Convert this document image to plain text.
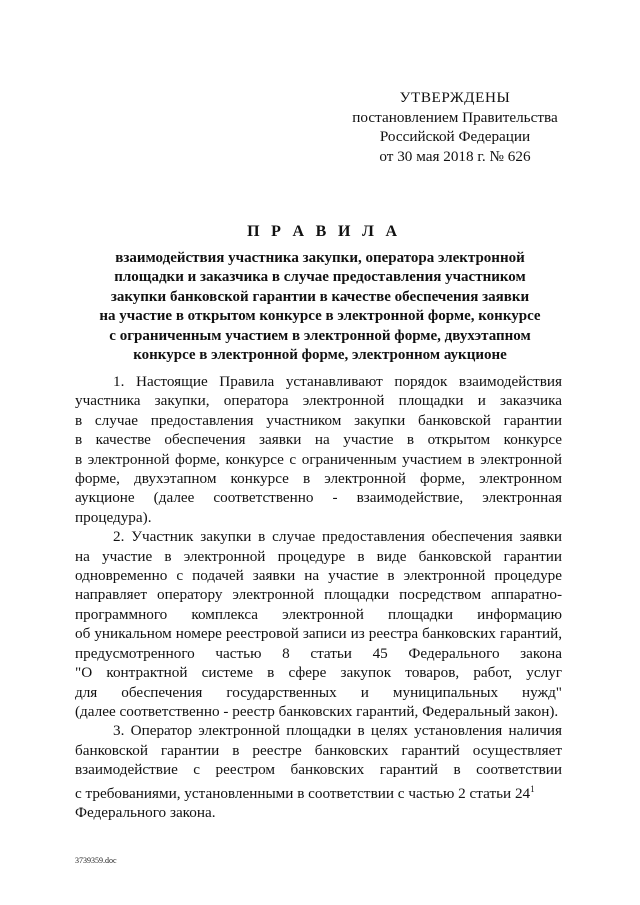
УТВЕРЖДЕНЫ
постановлением Правительства
Российской Федерации
от 30 мая 2018 г. № 626
П Р А В И Л А
взаимодействия участника закупки, оператора электронной
площадки и заказчика в случае предоставления участником
закупки банковской гарантии в качестве обеспечения заявки
на участие в открытом конкурсе в электронной форме, конкурсе
с ограниченным участием в электронной форме, двухэтапном
конкурсе в электронной форме, электронном аукционе
1. Настоящие Правила устанавливают порядок взаимодействия
участника закупки, оператора электронной площадки и заказчика
в случае предоставления участником закупки банковской гарантии
в качестве обеспечения заявки на участие в открытом конкурсе
в электронной форме, конкурсе с ограниченным участием в электронной
форме, двухэтапном конкурсе в электронной форме, электронном
аукционе (далее соответственно - взаимодействие, электронная
процедура).
2. Участник закупки в случае предоставления обеспечения заявки
на участие в электронной процедуре в виде банковской гарантии
одновременно с подачей заявки на участие в электронной процедуре
направляет оператору электронной площадки посредством аппаратно-
программного комплекса электронной площадки информацию
об уникальном номере реестровой записи из реестра банковских гарантий,
предусмотренного частью 8 статьи 45 Федерального закона
"О контрактной системе в сфере закупок товаров, работ, услуг
для обеспечения государственных и муниципальных нужд"
(далее соответственно - реестр банковских гарантий, Федеральный закон).
3. Оператор электронной площадки в целях установления наличия
банковской гарантии в реестре банковских гарантий осуществляет
взаимодействие с реестром банковских гарантий в соответствии
с требованиями, установленными в соответствии с частью 2 статьи $24^1$
Федерального закона.
3739359.doc
